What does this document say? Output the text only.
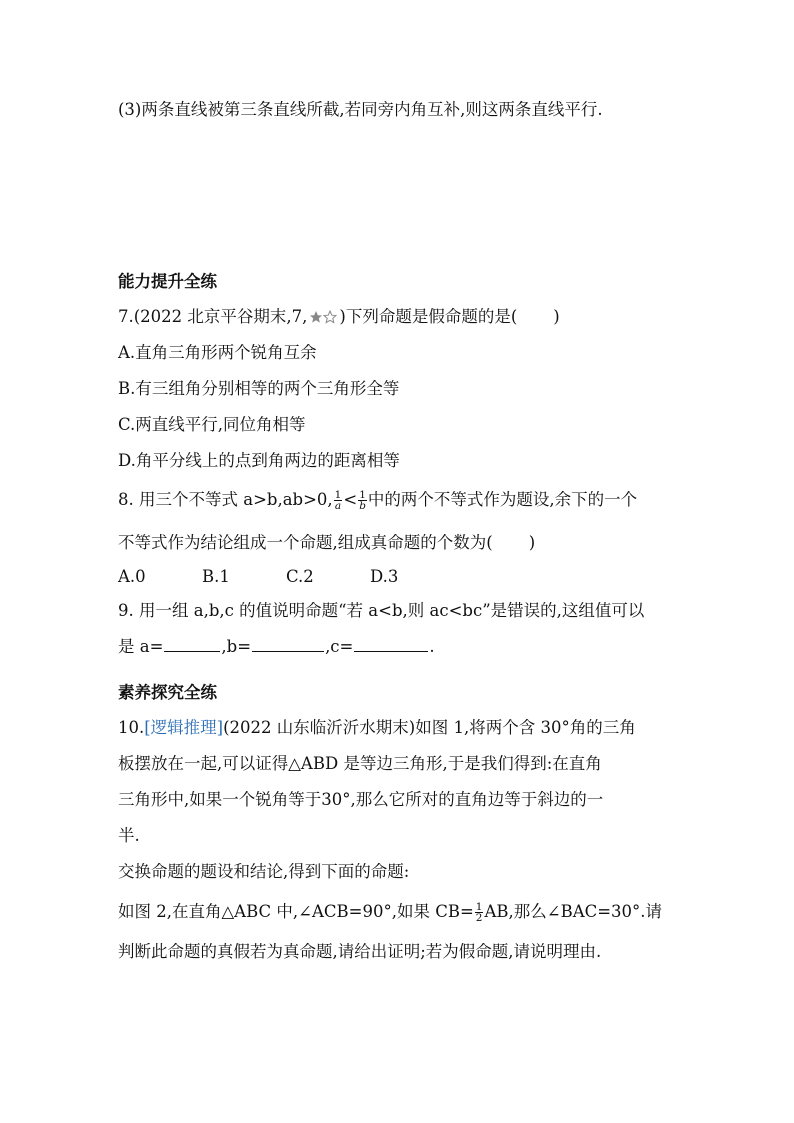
(3)两条直线被第三条直线所截,若同旁内角互补,则这两条直线平行.
能力提升全练
7.(2022 北京平谷期末,7, )下列命题是假命题的是( )
A.直角三角形两个锐角互余
B.有三组角分别相等的两个三角形全等
C.两直线平行,同位角相等
D.角平分线上的点到角两边的距离相等
8. 用三个不等式 a>b,ab>0, $\frac{1}{a} < \frac{1}{b}$ 中的两个不等式作为题设,余下的一个
不等式作为结论组成一个命题,组成真命题的个数为( )
A.0	B.1	C.2	D.3
9. 用一组 a,b,c 的值说明命题“若 a<b,则 ac<bc”是错误的,这组值可以
是 a=	,b=	,c=	.
素养探究全练
10.[逻辑推理](2022 山东临沂沂水期末)如图 1,将两个含 30°角的三角
板摆放在一起,可以证得△ABD 是等边三角形,于是我们得到:在直角
三角形中,如果一个锐角等于30°,那么它所对的直角边等于斜边的一
半.
交换命题的题设和结论,得到下面的命题:
如图 2,在直角△ABC 中,∠ACB=90°,如果 $CB= \frac{1}{2}$ AB,那么∠BAC=30°.请
判断此命题的真假若为真命题,请给出证明;若为假命题,请说明理由.
